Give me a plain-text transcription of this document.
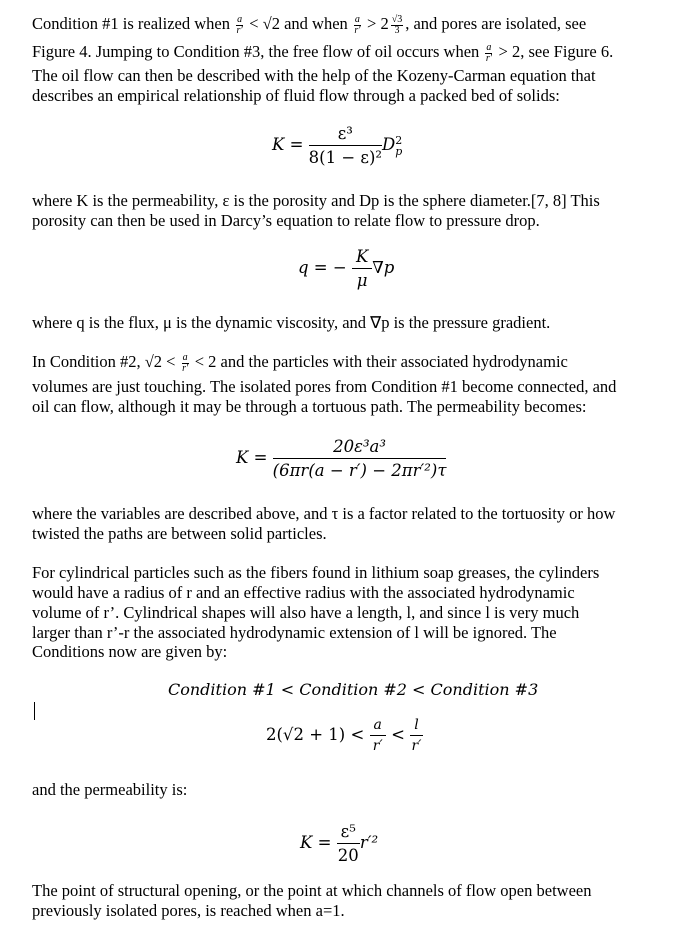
Condition #1 is realized when $\frac{a}{r'} < √2$ and when $\frac{a}{r'} > 2 \frac{√3}{3}$ , and pores are isolated, see
Figure 4. Jumping to Condition #3, the free flow of oil occurs when $\frac{a}{r'} > 2$, see Figure 6.
The oil flow can then be described with the help of the Kozeny-Carman equation that
describes an empirical relationship of fluid flow through a packed bed of solids:
$K = \frac{\text{ε³}}{\text{8(1 − ε)²}}$ D 2
p
where K is the permeability, ε is the porosity and Dp is the sphere diameter.[7, 8] This
porosity can then be used in Darcy’s equation to relate flow to pressure drop.
q = − $\frac{K}{\mu} \nabla p$
where q is the flux, μ is the dynamic viscosity, and ∇p is the pressure gradient.
In Condition #2, $√2 < \frac{a}{r'} < 2$ and the particles with their associated hydrodynamic
volumes are just touching. The isolated pores from Condition #1 become connected, and
oil can flow, although it may be through a tortuous path. The permeability becomes:
$K = \frac{\text{20ε³a³}}{\text{(6πr(a − r′) − 2πr′²)τ}}$
where the variables are described above, and τ is a factor related to the tortuosity or how
twisted the paths are between solid particles.
For cylindrical particles such as the fibers found in lithium soap greases, the cylinders
would have a radius of r and an effective radius with the associated hydrodynamic
volume of r’. Cylindrical shapes will also have a length, l, and since l is very much
larger than r’-r the associated hydrodynamic extension of l will be ignored. The
Conditions now are given by:
Condition #1 < Condition #2 < Condition #3
$2(√2 + 1) < \frac{a}{r'} < \frac{l}{r'}$
and the permeability is:
$K = \frac{\text{ε⁵}}{20} r'^2$
The point of structural opening, or the point at which channels of flow open between
previously isolated pores, is reached when a=1.
